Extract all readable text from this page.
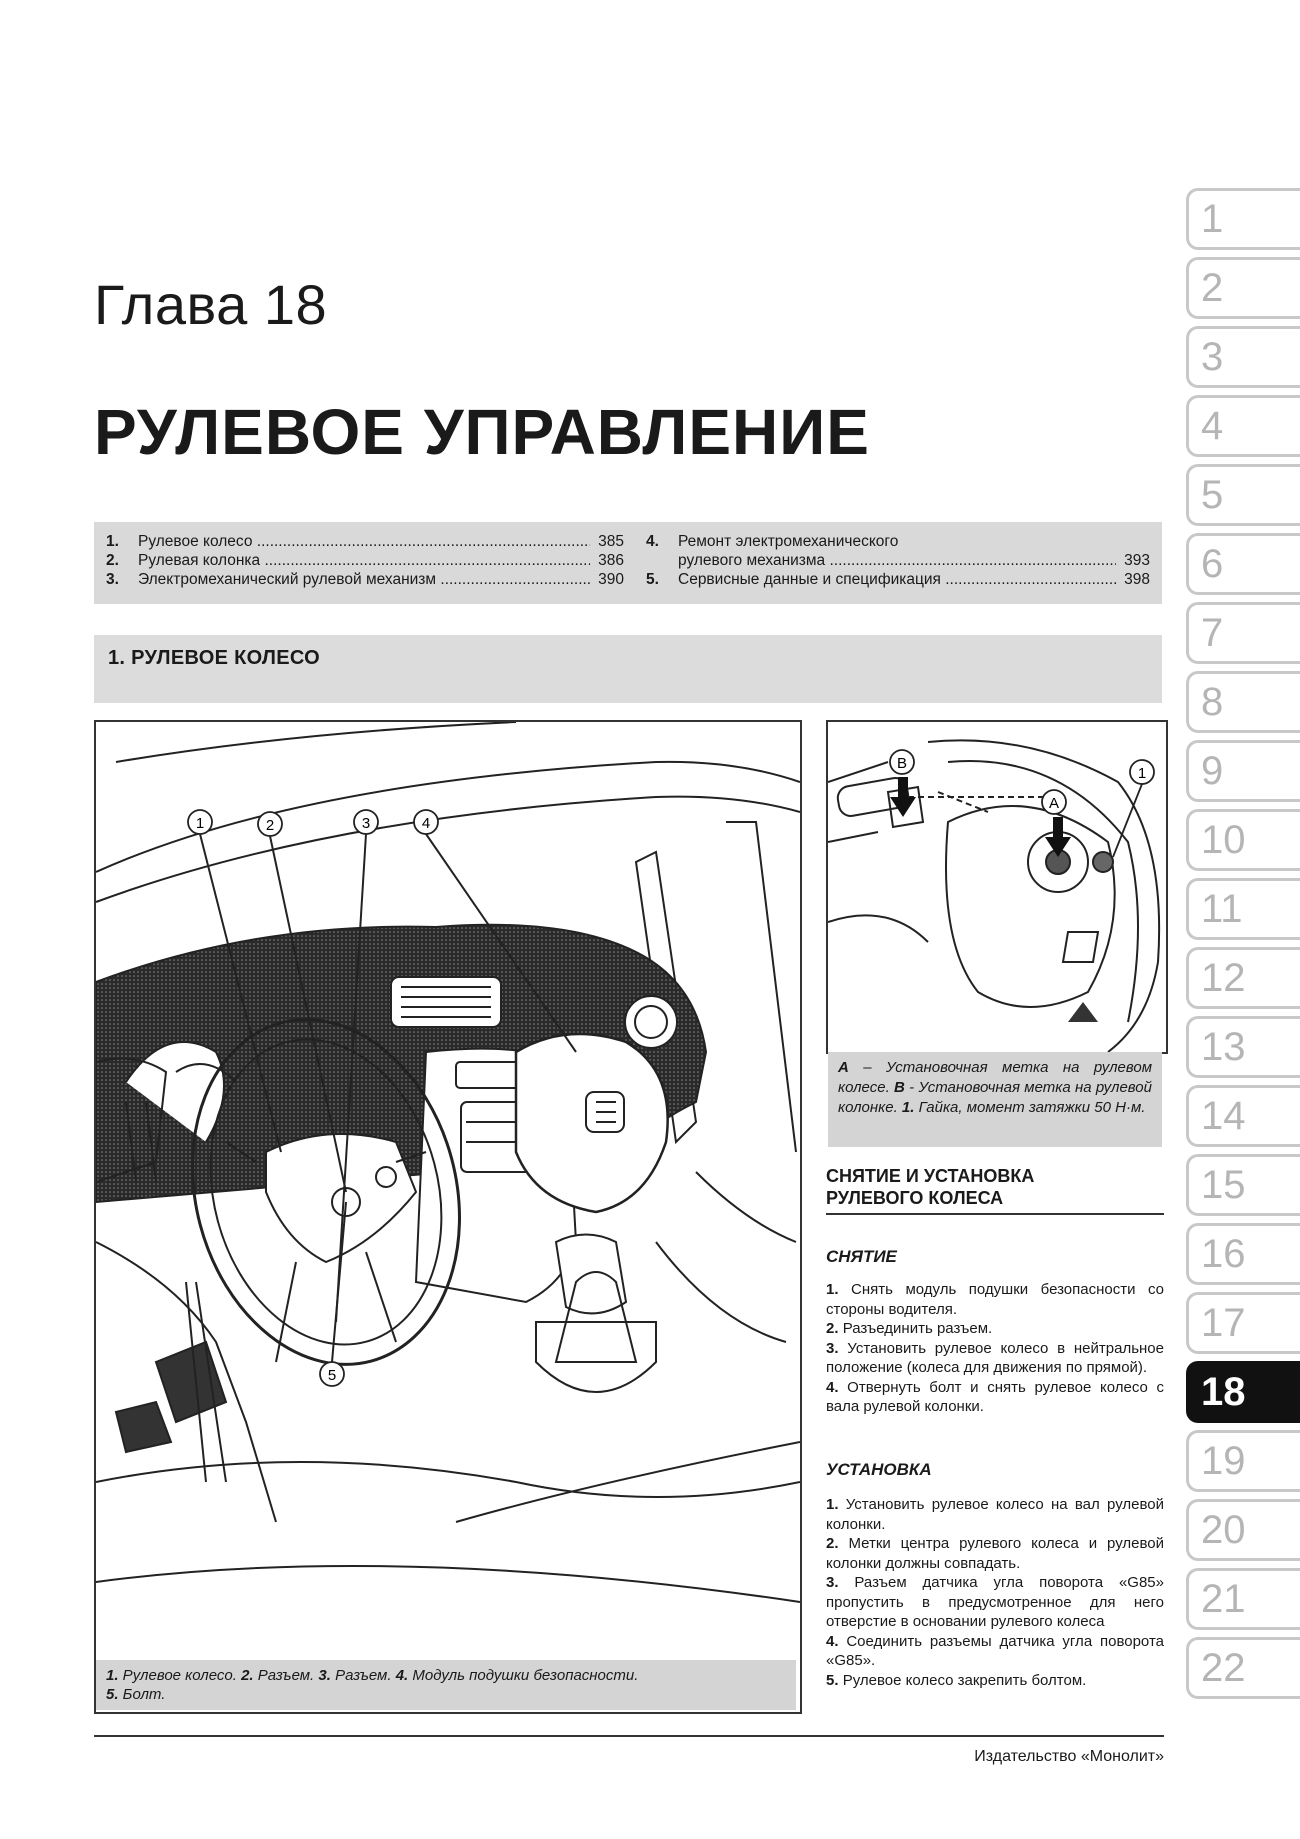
Глава 18
РУЛЕВОЕ УПРАВЛЕНИЕ
1.	Рулевое колесо .....	385
2.	Рулевая колонка .....	386
3.	Электромеханический рулевой механизм .....	390
4.	Ремонт электромеханического
рулевого механизма .....	393
5.	Сервисные данные и спецификация .....	398
1. РУЛЕВОЕ КОЛЕСО
1	2	3	4
5
1. Рулевое колесо. 2. Разъем. 3. Разъем. 4. Модуль подушки безопасности.
5. Болт.
B
A
1
A – Установочная метка на рулевом колесе. B - Установочная метка на рулевой колонке. 1. Гайка, момент затяжки 50 Н·м.
СНЯТИЕ И УСТАНОВКА
РУЛЕВОГО КОЛЕСА
СНЯТИЕ
1. Снять модуль подушки безопасности со стороны водителя.
2. Разъединить разъем.
3. Установить рулевое колесо в нейтральное положение (колеса для движения по прямой).
4. Отвернуть болт и снять рулевое колесо с вала рулевой колонки.
УСТАНОВКА
1. Установить рулевое колесо на вал рулевой колонки.
2. Метки центра рулевого колеса и рулевой колонки должны совпадать.
3. Разъем датчика угла поворота «G85» пропустить в предусмотренное для него отверстие в основании рулевого колеса
4. Соединить разъемы датчика угла поворота «G85».
5. Рулевое колесо закрепить болтом.
Издательство «Монолит»
1
2
3
4
5
6
7
8
9
10
11
12
13
14
15
16
17
18
19
20
21
22
